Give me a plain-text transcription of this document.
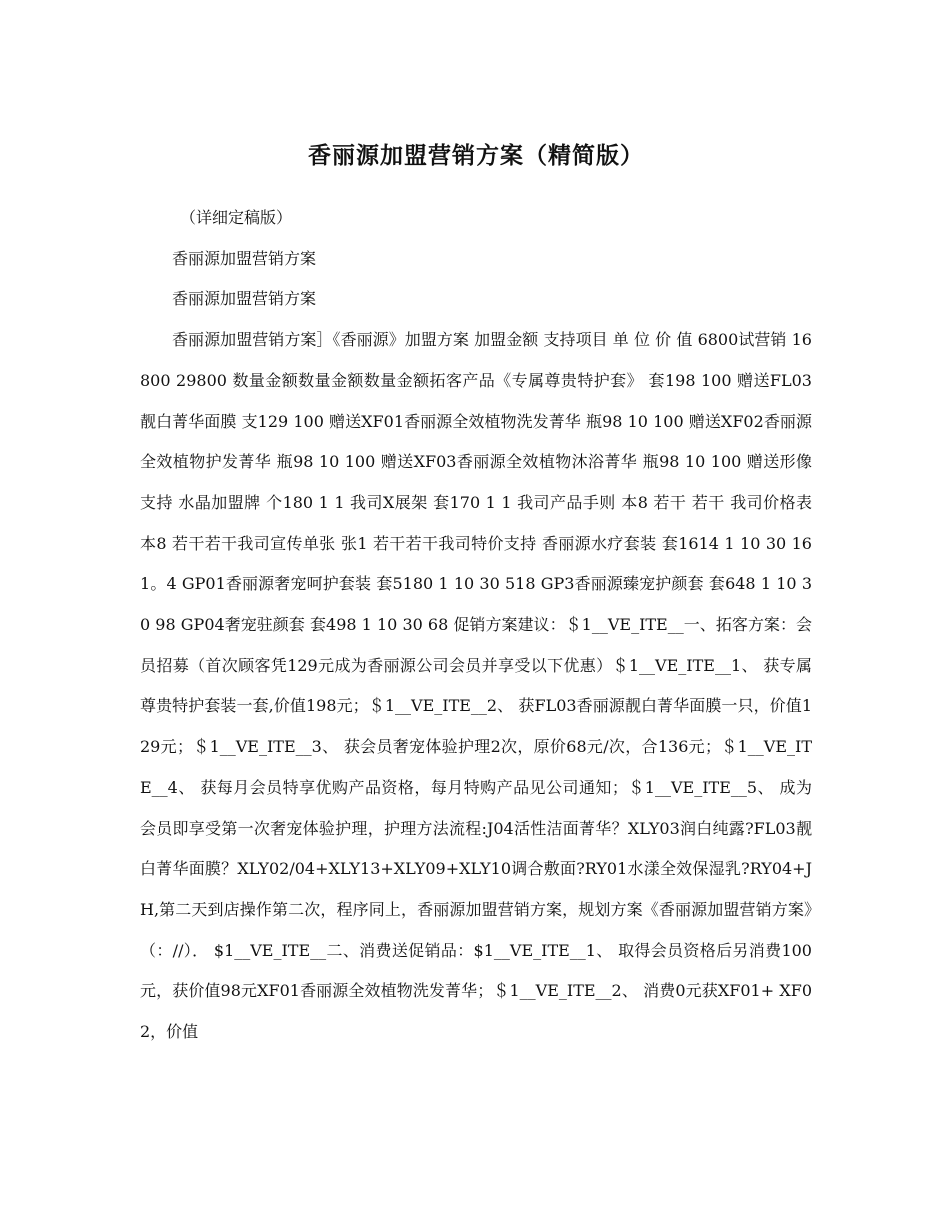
香丽源加盟营销方案（精简版）

（详细定稿版）

香丽源加盟营销方案

香丽源加盟营销方案

香丽源加盟营销方案］《香丽源》加盟方案 加盟金额 支持项目 单 位 价 值 6800试营销 16800 29800 数量金额数量金额数量金额拓客产品《专属尊贵特护套》 套198 100 赠送FL03靓白菁华面膜 支129 100 赠送XF01香丽源全效植物洗发菁华 瓶98 10 100 赠送XF02香丽源全效植物护发菁华 瓶98 10 100 赠送XF03香丽源全效植物沐浴菁华 瓶98 10 100 赠送形像 支持 水晶加盟牌 个180 1 1 我司X展架 套170 1 1 我司产品手则 本8 若干 若干 我司价格表 本8 若干若干我司宣传单张 张1 若干若干我司特价支持 香丽源水疗套装 套1614 1 10 30 161。4 GP01香丽源奢宠呵护套装 套5180 1 10 30 518 GP3香丽源臻宠护颜套 套648 1 10 30 98 GP04奢宠驻颜套 套498 1 10 30 68 促销方案建议：＄1__VE_ITE__一、拓客方案：会员招募（首次顾客凭129元成为香丽源公司会员并享受以下优惠）＄1__VE_ITE__1、 获专属尊贵特护套装一套,价值198元；＄1__VE_ITE__2、 获FL03香丽源靓白菁华面膜一只，价值129元；＄1__VE_ITE__3、 获会员奢宠体验护理2次，原价68元/次，合136元；＄1__VE_ITE__4、 获每月会员特享优购产品资格，每月特购产品见公司通知；＄1__VE_ITE__5、 成为会员即享受第一次奢宠体验护理，护理方法流程:J04活性洁面菁华？XLY03润白纯露?FL03靓白菁华面膜？XLY02/04+XLY13+XLY09+XLY10调合敷面?RY01水漾全效保湿乳?RY04+JH,第二天到店操作第二次，程序同上，香丽源加盟营销方案，规划方案《香丽源加盟营销方案》（：//）． $1__VE_ITE__二、消费送促销品：$1__VE_ITE__1、 取得会员资格后另消费100元，获价值98元XF01香丽源全效植物洗发菁华；＄1__VE_ITE__2、 消费0元获XF01+ XF02，价值
